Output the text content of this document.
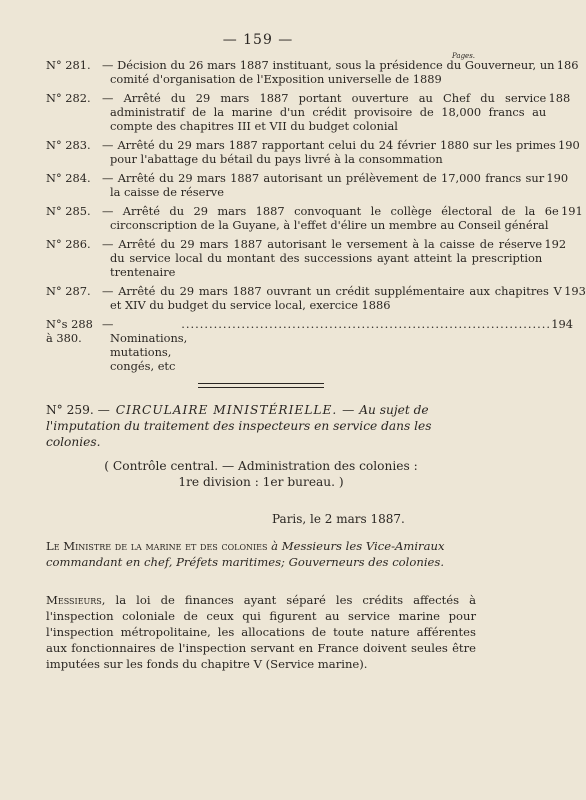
— 159 —
Pages.
N° 281. — Décision du 26 mars 1887 instituant, sous la présidence du Gouverneur, un comité d'organisation de l'Exposition universelle de 1889
186
N° 282. — Arrêté du 29 mars 1887 portant ouverture au Chef du service administratif de la marine d'un crédit provisoire de 18,000 francs au compte des chapitres III et VII du budget colonial
188
N° 283. — Arrêté du 29 mars 1887 rapportant celui du 24 février 1880 sur les primes pour l'abattage du bétail du pays livré à la consommation
190
N° 284. — Arrêté du 29 mars 1887 autorisant un prélèvement de 17,000 francs sur la caisse de réserve
190
N° 285. — Arrêté du 29 mars 1887 convoquant le collège électoral de la 6e circonscription de la Guyane, à l'effet d'élire un membre au Conseil général
191
N° 286. — Arrêté du 29 mars 1887 autorisant le versement à la caisse de réserve du service local du montant des successions ayant atteint la prescription trentenaire
192
N° 287. — Arrêté du 29 mars 1887 ouvrant un crédit supplémentaire aux chapitres V et XIV du budget du service local, exercice 1886
193
N°s 288 à 380.
— Nominations, mutations, congés, etc
................................................................................ 194
N° 259. — CIRCULAIRE MINISTÉRIELLE. — Au sujet de l'imputation du traitement des inspecteurs en service dans les colonies.
( Contrôle central. — Administration des colonies :
1re division : 1er bureau. )
Paris, le 2 mars 1887.
Le Ministre de la marine et des colonies à Messieurs les Vice-Amiraux commandant en chef, Préfets maritimes; Gouverneurs des colonies.
Messieurs, la loi de finances ayant séparé les crédits affectés à l'inspection coloniale de ceux qui figurent au service marine pour l'inspection métropolitaine, les allocations de toute nature afférentes aux fonctionnaires de l'inspection servant en France doivent seules être imputées sur les fonds du chapitre V (Service marine).
